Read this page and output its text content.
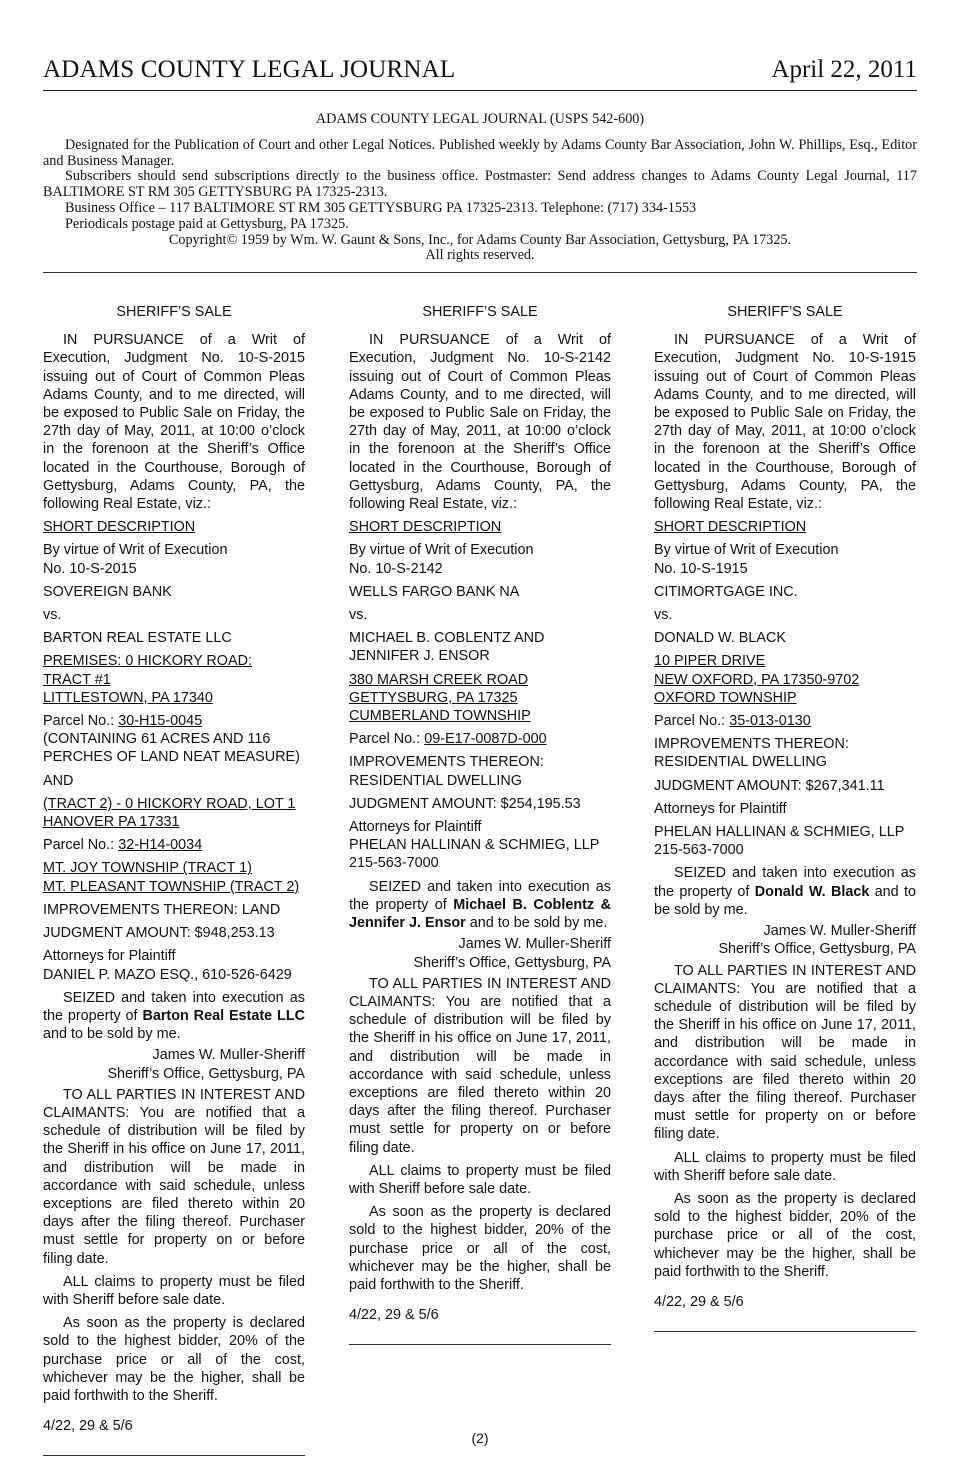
ADAMS COUNTY LEGAL JOURNAL	April 22, 2011

ADAMS COUNTY LEGAL JOURNAL (USPS 542-600)

Designated for the Publication of Court and other Legal Notices. Published weekly by Adams County Bar Association, John W. Phillips, Esq., Editor and Business Manager.

Subscribers should send subscriptions directly to the business office. Postmaster: Send address changes to Adams County Legal Journal, 117 BALTIMORE ST RM 305 GETTYSBURG PA 17325-2313.

Business Office – 117 BALTIMORE ST RM 305 GETTYSBURG PA 17325-2313. Telephone: (717) 334-1553

Periodicals postage paid at Gettysburg, PA 17325.

Copyright© 1959 by Wm. W. Gaunt & Sons, Inc., for Adams County Bar Association, Gettysburg, PA 17325.

All rights reserved.

SHERIFF’S SALE

IN PURSUANCE of a Writ of Execution, Judgment No. 10-S-2015 issuing out of Court of Common Pleas Adams County, and to me directed, will be exposed to Public Sale on Friday, the 27th day of May, 2011, at 10:00 o’clock in the forenoon at the Sheriff’s Office located in the Courthouse, Borough of Gettysburg, Adams County, PA, the following Real Estate, viz.:

SHORT DESCRIPTION

By virtue of Writ of Execution
No. 10-S-2015

SOVEREIGN BANK

vs.

BARTON REAL ESTATE LLC

PREMISES: 0 HICKORY ROAD:
TRACT #1
LITTLESTOWN, PA 17340

Parcel No.: 30-H15-0045

(CONTAINING 61 ACRES AND 116 PERCHES OF LAND NEAT MEASURE)

AND

(TRACT 2) - 0 HICKORY ROAD, LOT 1
HANOVER PA 17331

Parcel No.: 32-H14-0034

MT. JOY TOWNSHIP (TRACT 1)
MT. PLEASANT TOWNSHIP (TRACT 2)

IMPROVEMENTS THEREON: LAND

JUDGMENT AMOUNT: $948,253.13

Attorneys for Plaintiff
DANIEL P. MAZO ESQ., 610-526-6429

SEIZED and taken into execution as the property of Barton Real Estate LLC and to be sold by me.

James W. Muller-Sheriff

Sheriff’s Office, Gettysburg, PA

TO ALL PARTIES IN INTEREST AND CLAIMANTS: You are notified that a schedule of distribution will be filed by the Sheriff in his office on June 17, 2011, and distribution will be made in accordance with said schedule, unless exceptions are filed thereto within 20 days after the filing thereof. Purchaser must settle for property on or before filing date.

ALL claims to property must be filed with Sheriff before sale date.

As soon as the property is declared sold to the highest bidder, 20% of the purchase price or all of the cost, whichever may be the higher, shall be paid forthwith to the Sheriff.

4/22, 29 & 5/6

SHERIFF’S SALE

IN PURSUANCE of a Writ of Execution, Judgment No. 10-S-2142 issuing out of Court of Common Pleas Adams County, and to me directed, will be exposed to Public Sale on Friday, the 27th day of May, 2011, at 10:00 o’clock in the forenoon at the Sheriff’s Office located in the Courthouse, Borough of Gettysburg, Adams County, PA, the following Real Estate, viz.:

SHORT DESCRIPTION

By virtue of Writ of Execution
No. 10-S-2142

WELLS FARGO BANK NA

vs.

MICHAEL B. COBLENTZ AND
JENNIFER J. ENSOR

380 MARSH CREEK ROAD
GETTYSBURG, PA 17325
CUMBERLAND TOWNSHIP

Parcel No.: 09-E17-0087D-000

IMPROVEMENTS THEREON:
RESIDENTIAL DWELLING

JUDGMENT AMOUNT: $254,195.53

Attorneys for Plaintiff
PHELAN HALLINAN & SCHMIEG, LLP
215-563-7000

SEIZED and taken into execution as the property of Michael B. Coblentz & Jennifer J. Ensor and to be sold by me.

James W. Muller-Sheriff

Sheriff’s Office, Gettysburg, PA

TO ALL PARTIES IN INTEREST AND CLAIMANTS: You are notified that a schedule of distribution will be filed by the Sheriff in his office on June 17, 2011, and distribution will be made in accordance with said schedule, unless exceptions are filed thereto within 20 days after the filing thereof. Purchaser must settle for property on or before filing date.

ALL claims to property must be filed with Sheriff before sale date.

As soon as the property is declared sold to the highest bidder, 20% of the purchase price or all of the cost, whichever may be the higher, shall be paid forthwith to the Sheriff.

4/22, 29 & 5/6

SHERIFF’S SALE

IN PURSUANCE of a Writ of Execution, Judgment No. 10-S-1915 issuing out of Court of Common Pleas Adams County, and to me directed, will be exposed to Public Sale on Friday, the 27th day of May, 2011, at 10:00 o’clock in the forenoon at the Sheriff’s Office located in the Courthouse, Borough of Gettysburg, Adams County, PA, the following Real Estate, viz.:

SHORT DESCRIPTION

By virtue of Writ of Execution
No. 10-S-1915

CITIMORTGAGE INC.

vs.

DONALD W. BLACK

10 PIPER DRIVE
NEW OXFORD, PA 17350-9702
OXFORD TOWNSHIP

Parcel No.: 35-013-0130

IMPROVEMENTS THEREON:
RESIDENTIAL DWELLING

JUDGMENT AMOUNT: $267,341.11

Attorneys for Plaintiff

PHELAN HALLINAN & SCHMIEG, LLP
215-563-7000

SEIZED and taken into execution as the property of Donald W. Black and to be sold by me.

James W. Muller-Sheriff

Sheriff’s Office, Gettysburg, PA

TO ALL PARTIES IN INTEREST AND CLAIMANTS: You are notified that a schedule of distribution will be filed by the Sheriff in his office on June 17, 2011, and distribution will be made in accordance with said schedule, unless exceptions are filed thereto within 20 days after the filing thereof. Purchaser must settle for property on or before filing date.

ALL claims to property must be filed with Sheriff before sale date.

As soon as the property is declared sold to the highest bidder, 20% of the purchase price or all of the cost, whichever may be the higher, shall be paid forthwith to the Sheriff.

4/22, 29 & 5/6

(2)
